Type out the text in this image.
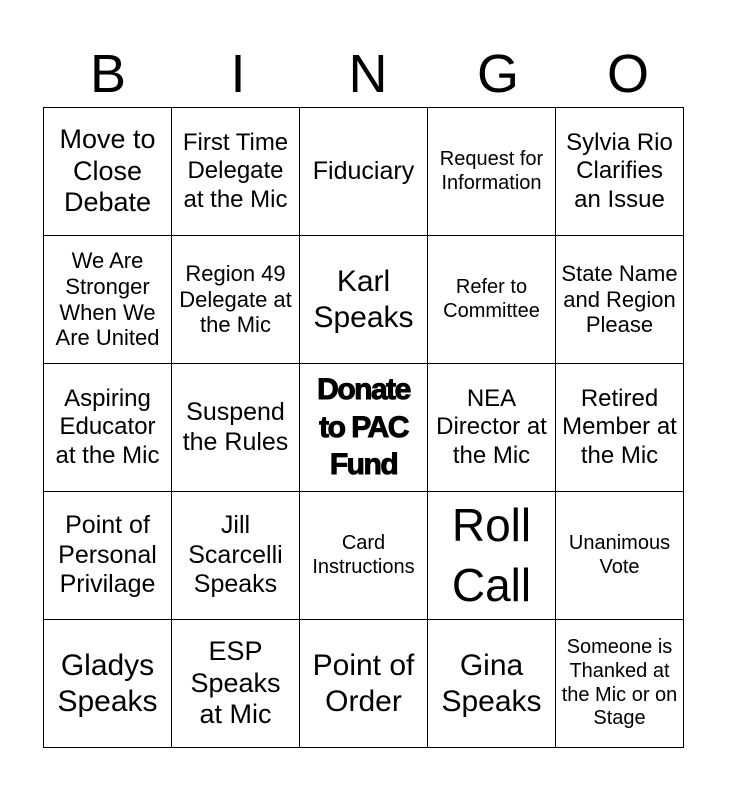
B	I	N	G	O
Move to Close Debate	First Time Delegate at the Mic	Fiduciary	Request for Information	Sylvia Rio Clarifies an Issue
We Are Stronger When We Are United	Region 49 Delegate at the Mic	Karl Speaks	Refer to Committee	State Name and Region Please
Aspiring Educator at the Mic	Suspend the Rules	Donate to PAC Fund	NEA Director at the Mic	Retired Member at the Mic
Point of Personal Privilage	Jill Scarcelli Speaks	Card Instructions	Roll Call	Unanimous Vote
Gladys Speaks	ESP Speaks at Mic	Point of Order	Gina Speaks	Someone is Thanked at the Mic or on Stage
